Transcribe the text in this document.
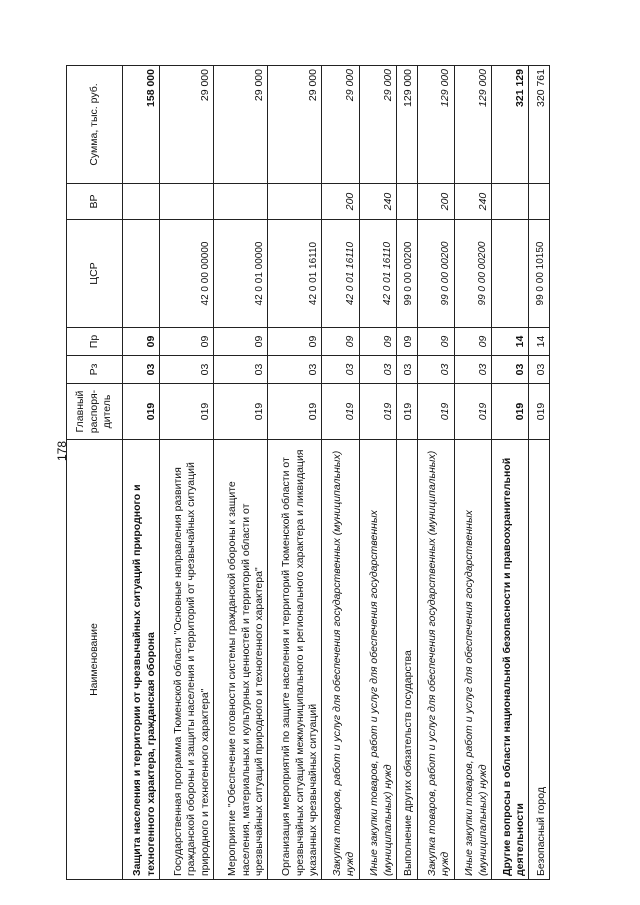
178
Наименование	Главный распоря-дитель	Рз	Пр	ЦСР	ВР	Сумма, тыс. руб.
Защита населения и территории от чрезвычайных ситуаций природного и техногенного характера, гражданская оборона	019	03	09			158 000
Государственная программа Тюменской области "Основные направления развития гражданской обороны и защиты населения и территорий от чрезвычайных ситуаций природного и техногенного характера"	019	03	09	42 0 00 00000		29 000
Мероприятие "Обеспечение готовности системы гражданской обороны к защите населения, материальных и культурных ценностей и территорий области от чрезвычайных ситуаций природного и техногенного характера"	019	03	09	42 0 01 00000		29 000
Организация мероприятий по защите населения и территорий Тюменской области от чрезвычайных ситуаций межмуниципального и регионального характера и ликвидация указанных чрезвычайных ситуаций	019	03	09	42 0 01 16110		29 000
Закупка товаров, работ и услуг для обеспечения государственных (муниципальных) нужд	019	03	09	42 0 01 16110	200	29 000
Иные закупки товаров, работ и услуг для обеспечения государственных (муниципальных) нужд	019	03	09	42 0 01 16110	240	29 000
Выполнение других обязательств государства	019	03	09	99 0 00 00200		129 000
Закупка товаров, работ и услуг для обеспечения государственных (муниципальных) нужд	019	03	09	99 0 00 00200	200	129 000
Иные закупки товаров, работ и услуг для обеспечения государственных (муниципальных) нужд	019	03	09	99 0 00 00200	240	129 000
Другие вопросы в области национальной безопасности и правоохранительной деятельности	019	03	14			321 129
Безопасный город	019	03	14	99 0 00 10150		320 761
